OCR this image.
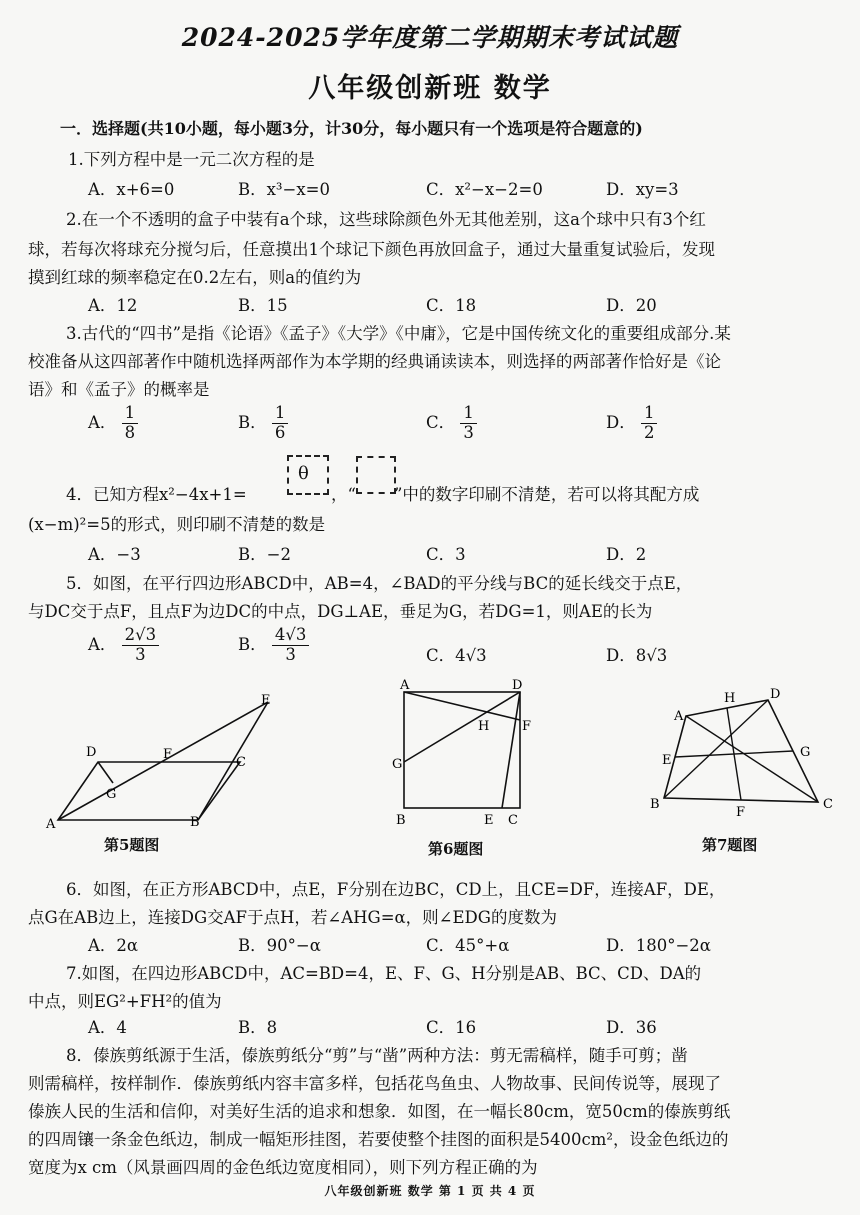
2024-2025学年度第二学期期末考试试题
八年级创新班 数学
一．选择题(共10小题，每小题3分，计30分，每小题只有一个选项是符合题意的)
1.下列方程中是一元二次方程的是
A．x+6=0	B．x³−x=0	C．x²−x−2=0	D．xy=3
2.在一个不透明的盒子中装有a个球，这些球除颜色外无其他差别，这a个球中只有3个红
球，若每次将球充分搅匀后，任意摸出1个球记下颜色再放回盒子，通过大量重复试验后，发现
摸到红球的频率稳定在0.2左右，则a的值约为
A．12	B．15	C．18	D．20
3.古代的“四书”是指《论语》《孟子》《大学》《中庸》，它是中国传统文化的重要组成部分.某
校准备从这四部著作中随机选择两部作为本学期的经典诵读读本，则选择的两部著作恰好是《论
语》和《孟子》的概率是
A． $\frac{1}{8}$	B． $\frac{1}{6}$	C． $\frac{1}{3}$	D． $\frac{1}{2}$
4．已知方程x²−4x+1=
θ
，“ ”中的数字印刷不清楚，若可以将其配方成
(x−m)²=5的形式，则印刷不清楚的数是
A．−3	B．−2	C．3	D．2
5．如图，在平行四边形ABCD中，AB=4，∠BAD的平分线与BC的延长线交于点E，
与DC交于点F，且点F为边DC的中点，DG⊥AE，垂足为G，若DG=1，则AE的长为
A． $\frac{2√3}{3}$	B． $\frac{4√3}{3}$	C．4√3	D．8√3
A	B
C
D
E
F
G
第5题图
A
B	C
D
E
F
G
H
第6题图
A
B	C
D
E
F
G
H
第7题图
6．如图，在正方形ABCD中，点E，F分别在边BC，CD上，且CE=DF，连接AF，DE，
点G在AB边上，连接DG交AF于点H，若∠AHG=α，则∠EDG的度数为
A．2α	B．90°−α	C．45°+α	D．180°−2α
7.如图，在四边形ABCD中，AC=BD=4，E、F、G、H分别是AB、BC、CD、DA的
中点，则EG²+FH²的值为
A．4	B．8	C．16	D．36
8．傣族剪纸源于生活，傣族剪纸分“剪”与“凿”两种方法：剪无需稿样，随手可剪；凿
则需稿样，按样制作．傣族剪纸内容丰富多样，包括花鸟鱼虫、人物故事、民间传说等，展现了
傣族人民的生活和信仰，对美好生活的追求和想象．如图，在一幅长80cm，宽50cm的傣族剪纸
的四周镶一条金色纸边，制成一幅矩形挂图，若要使整个挂图的面积是5400cm²，设金色纸边的
宽度为x cm（风景画四周的金色纸边宽度相同），则下列方程正确的为
八年级创新班 数学 第 1 页 共 4 页
